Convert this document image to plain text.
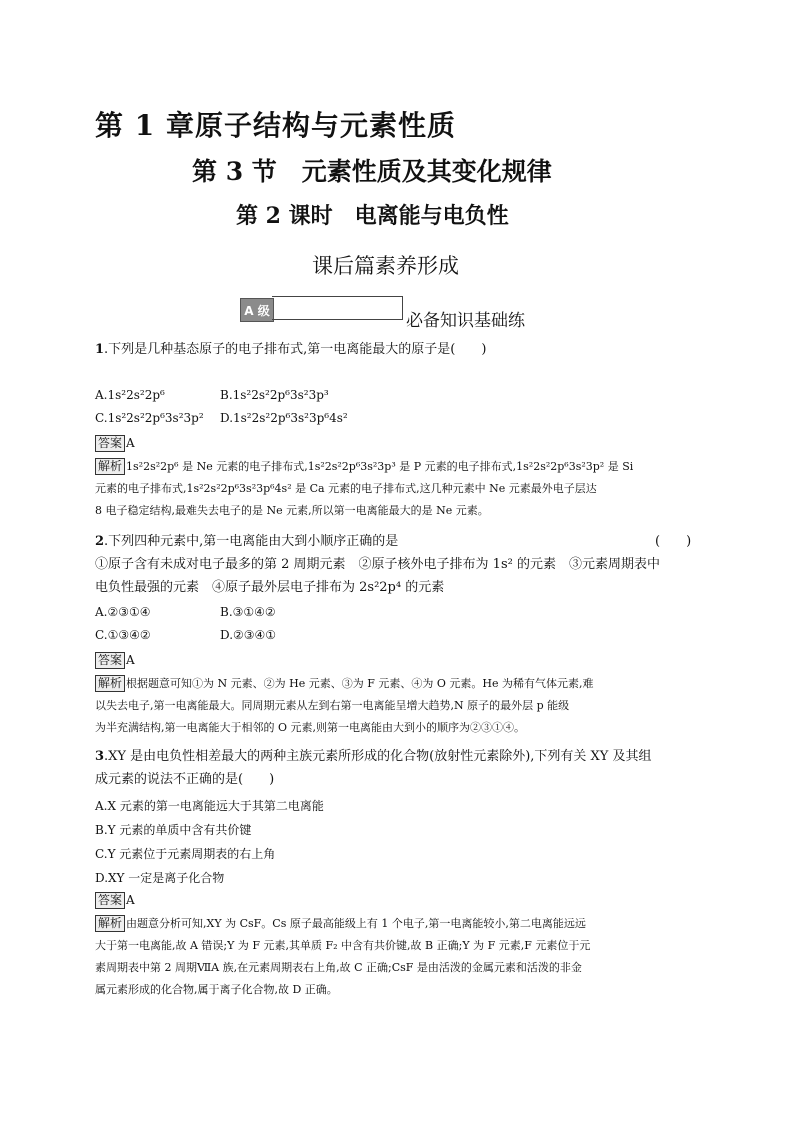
第 1 章原子结构与元素性质
第 3 节　元素性质及其变化规律
第 2 课时　电离能与电负性
课后篇素养形成
A 级
必备知识基础练
1.下列是几种基态原子的电子排布式,第一电离能最大的原子是(　　)
A.1s²2s²2p⁶	B.1s²2s²2p⁶3s²3p³
C.1s²2s²2p⁶3s²3p² D.1s²2s²2p⁶3s²3p⁶4s²
答案 A
解析 1s²2s²2p⁶ 是 Ne 元素的电子排布式,1s²2s²2p⁶3s²3p³ 是 P 元素的电子排布式,1s²2s²2p⁶3s²3p² 是 Si
元素的电子排布式,1s²2s²2p⁶3s²3p⁶4s² 是 Ca 元素的电子排布式,这几种元素中 Ne 元素最外电子层达
8 电子稳定结构,最难失去电子的是 Ne 元素,所以第一电离能最大的是 Ne 元素。
2.下列四种元素中,第一电离能由大到小顺序正确的是	(　　)
①原子含有未成对电子最多的第 2 周期元素　②原子核外电子排布为 1s² 的元素　③元素周期表中
电负性最强的元素　④原子最外层电子排布为 2s²2p⁴ 的元素
A.②③①④	B.③①④②
C.①③④②	D.②③④①
答案 A
解析 根据题意可知①为 N 元素、②为 He 元素、③为 F 元素、④为 O 元素。He 为稀有气体元素,难
以失去电子,第一电离能最大。同周期元素从左到右第一电离能呈增大趋势,N 原子的最外层 p 能级
为半充满结构,第一电离能大于相邻的 O 元素,则第一电离能由大到小的顺序为②③①④。
3.XY 是由电负性相差最大的两种主族元素所形成的化合物(放射性元素除外),下列有关 XY 及其组
成元素的说法不正确的是(　　)
A.X 元素的第一电离能远大于其第二电离能
B.Y 元素的单质中含有共价键
C.Y 元素位于元素周期表的右上角
D.XY 一定是离子化合物
答案 A
解析 由题意分析可知,XY 为 CsF。Cs 原子最高能级上有 1 个电子,第一电离能较小,第二电离能远远
大于第一电离能,故 A 错误;Y 为 F 元素,其单质 F₂ 中含有共价键,故 B 正确;Y 为 F 元素,F 元素位于元
素周期表中第 2 周期ⅦA 族,在元素周期表右上角,故 C 正确;CsF 是由活泼的金属元素和活泼的非金
属元素形成的化合物,属于离子化合物,故 D 正确。
